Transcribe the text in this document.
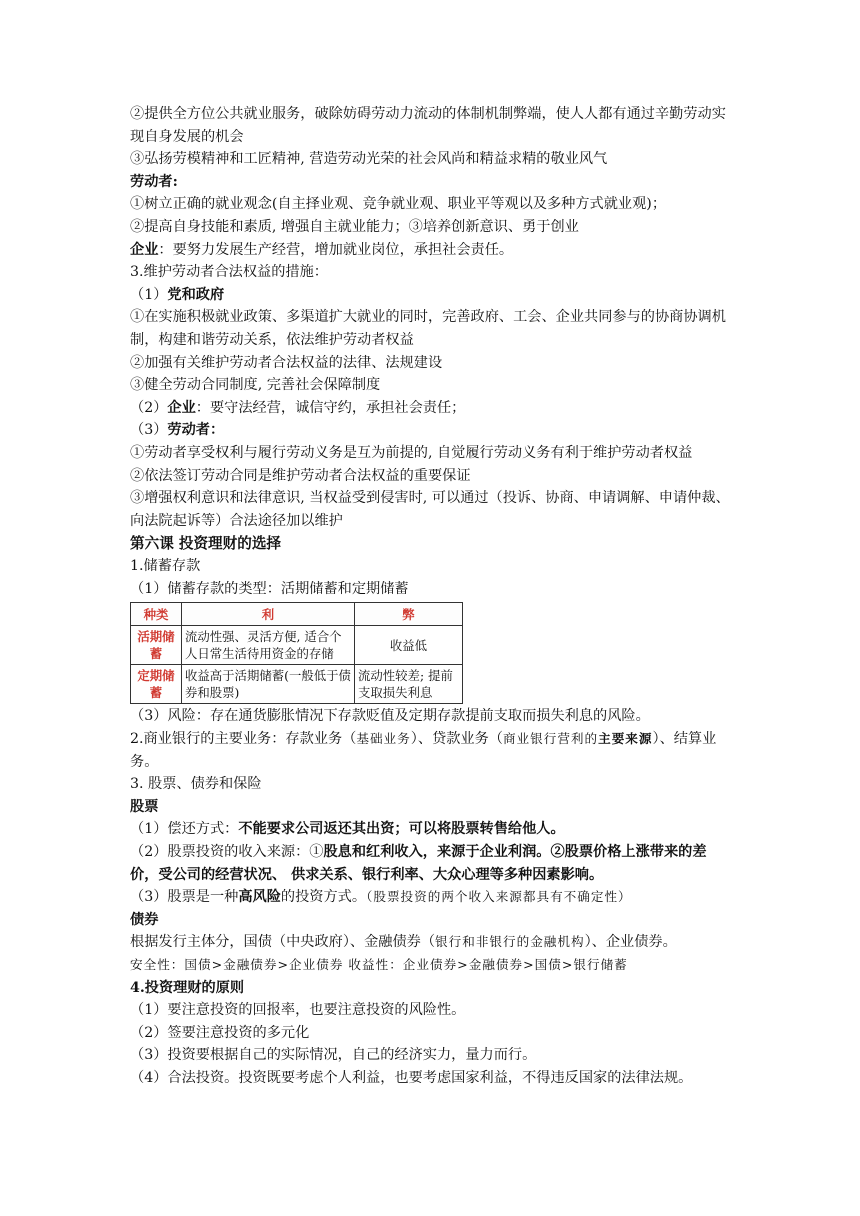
②提供全方位公共就业服务，破除妨碍劳动力流动的体制机制弊端，使人人都有通过辛勤劳动实现自身发展的机会
③弘扬劳模精神和工匠精神, 营造劳动光荣的社会风尚和精益求精的敬业风气
劳动者:
①树立正确的就业观念(自主择业观、竞争就业观、职业平等观以及多种方式就业观)；
②提高自身技能和素质, 增强自主就业能力；③培养创新意识、勇于创业
企业：要努力发展生产经营，增加就业岗位，承担社会责任。
3.维护劳动者合法权益的措施：
（1）党和政府
①在实施积极就业政策、多渠道扩大就业的同时，完善政府、工会、企业共同参与的协商协调机制，构建和谐劳动关系，依法维护劳动者权益
②加强有关维护劳动者合法权益的法律、法规建设
③健全劳动合同制度, 完善社会保障制度
（2）企业：要守法经营，诚信守约，承担社会责任；
（3）劳动者：
①劳动者享受权利与履行劳动义务是互为前提的, 自觉履行劳动义务有利于维护劳动者权益
②依法签订劳动合同是维护劳动者合法权益的重要保证
③增强权利意识和法律意识, 当权益受到侵害时, 可以通过（投诉、协商、申请调解、申请仲裁、向法院起诉等）合法途径加以维护
第六课 投资理财的选择
1.储蓄存款
（1）储蓄存款的类型：活期储蓄和定期储蓄
种类	利	弊
活期储蓄	流动性强、灵活方便, 适合个人日常生活待用资金的存储	收益低
定期储蓄	收益高于活期储蓄(一般低于债券和股票)	流动性较差; 提前支取损失利息
（3）风险：存在通货膨胀情况下存款贬值及定期存款提前支取而损失利息的风险。
2.商业银行的主要业务：存款业务（基础业务）、贷款业务（商业银行营利的主要来源）、结算业务。
3. 股票、债券和保险
股票
（1）偿还方式：不能要求公司返还其出资；可以将股票转售给他人。
（2）股票投资的收入来源：①股息和红利收入，来源于企业利润。②股票价格上涨带来的差价，受公司的经营状况、 供求关系、银行利率、大众心理等多种因素影响。
（3）股票是一种高风险的投资方式。（股票投资的两个收入来源都具有不确定性）
债券
根据发行主体分，国债（中央政府）、金融债券（银行和非银行的金融机构）、企业债券。
安全性：国债>金融债券>企业债券 收益性：企业债券>金融债券>国债>银行储蓄
4.投资理财的原则
（1）要注意投资的回报率，也要注意投资的风险性。
（2）签要注意投资的多元化
（3）投资要根据自己的实际情况，自己的经济实力，量力而行。
（4）合法投资。投资既要考虑个人利益，也要考虑国家利益，不得违反国家的法律法规。
